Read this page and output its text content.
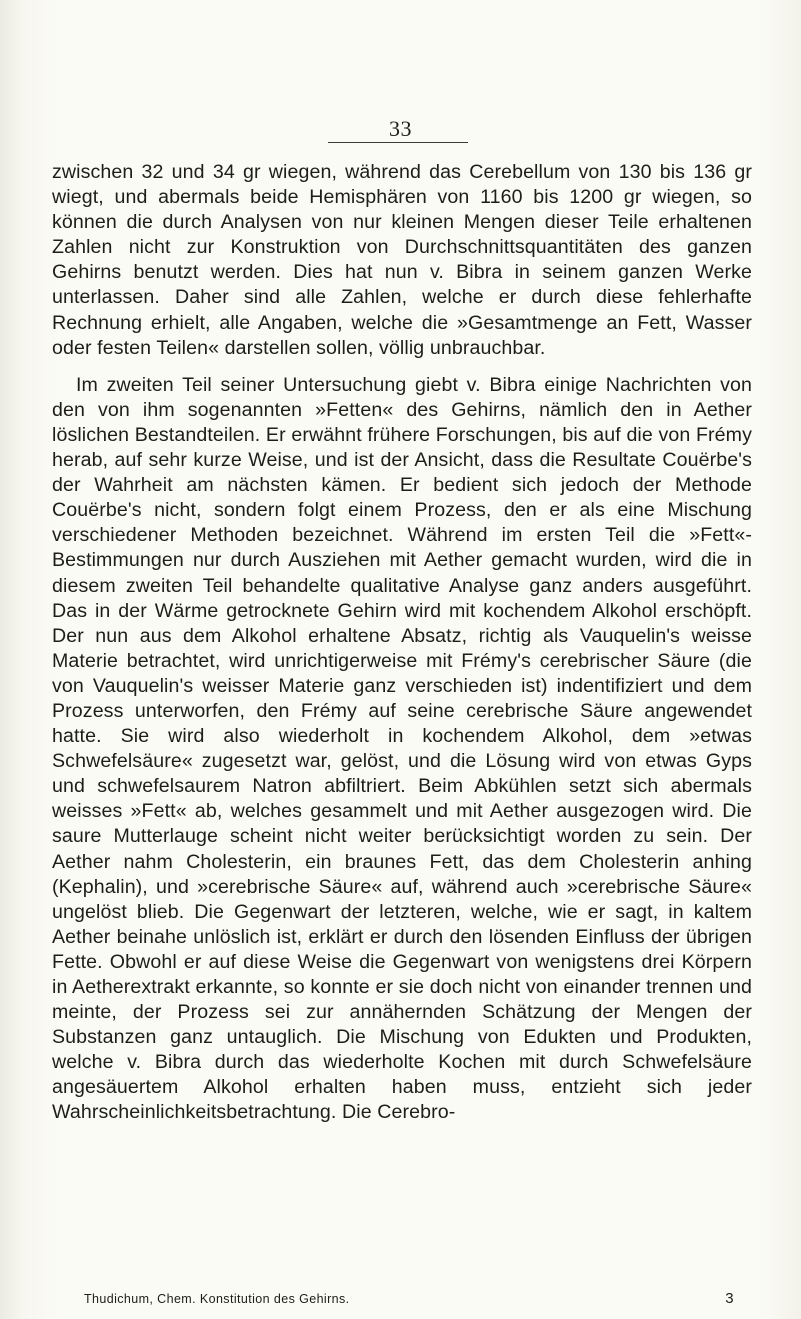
33

zwischen 32 und 34 gr wiegen, während das Cerebellum von 130 bis 136 gr wiegt, und abermals beide Hemisphären von 1160 bis 1200 gr wiegen, so können die durch Analysen von nur kleinen Mengen dieser Teile erhaltenen Zahlen nicht zur Konstruktion von Durchschnittsquantitäten des ganzen Gehirns benutzt werden. Dies hat nun v. Bibra in seinem ganzen Werke unterlassen. Daher sind alle Zahlen, welche er durch diese fehlerhafte Rechnung erhielt, alle Angaben, welche die »Gesamtmenge an Fett, Wasser oder festen Teilen« darstellen sollen, völlig unbrauchbar.

Im zweiten Teil seiner Untersuchung giebt v. Bibra einige Nachrichten von den von ihm sogenannten »Fetten« des Gehirns, nämlich den in Aether löslichen Bestandteilen. Er erwähnt frühere Forschungen, bis auf die von Frémy herab, auf sehr kurze Weise, und ist der Ansicht, dass die Resultate Couërbe's der Wahrheit am nächsten kämen. Er bedient sich jedoch der Methode Couërbe's nicht, sondern folgt einem Prozess, den er als eine Mischung verschiedener Methoden bezeichnet. Während im ersten Teil die »Fett«-Bestimmungen nur durch Ausziehen mit Aether gemacht wurden, wird die in diesem zweiten Teil behandelte qualitative Analyse ganz anders ausgeführt. Das in der Wärme getrocknete Gehirn wird mit kochendem Alkohol erschöpft. Der nun aus dem Alkohol erhaltene Absatz, richtig als Vauquelin's weisse Materie betrachtet, wird unrichtigerweise mit Frémy's cerebrischer Säure (die von Vauquelin's weisser Materie ganz verschieden ist) indentifiziert und dem Prozess unterworfen, den Frémy auf seine cerebrische Säure angewendet hatte. Sie wird also wiederholt in kochendem Alkohol, dem »etwas Schwefelsäure« zugesetzt war, gelöst, und die Lösung wird von etwas Gyps und schwefelsaurem Natron abfiltriert. Beim Abkühlen setzt sich abermals weisses »Fett« ab, welches gesammelt und mit Aether ausgezogen wird. Die saure Mutterlauge scheint nicht weiter berücksichtigt worden zu sein. Der Aether nahm Cholesterin, ein braunes Fett, das dem Cholesterin anhing (Kephalin), und »cerebrische Säure« auf, während auch »cerebrische Säure« ungelöst blieb. Die Gegenwart der letzteren, welche, wie er sagt, in kaltem Aether beinahe unlöslich ist, erklärt er durch den lösenden Einfluss der übrigen Fette. Obwohl er auf diese Weise die Gegenwart von wenigstens drei Körpern in Aetherextrakt erkannte, so konnte er sie doch nicht von einander trennen und meinte, der Prozess sei zur annähernden Schätzung der Mengen der Substanzen ganz untauglich. Die Mischung von Edukten und Produkten, welche v. Bibra durch das wiederholte Kochen mit durch Schwefelsäure angesäuertem Alkohol erhalten haben muss, entzieht sich jeder Wahrscheinlichkeitsbetrachtung. Die Cerebro-

Thudichum, Chem. Konstitution des Gehirns.	3
